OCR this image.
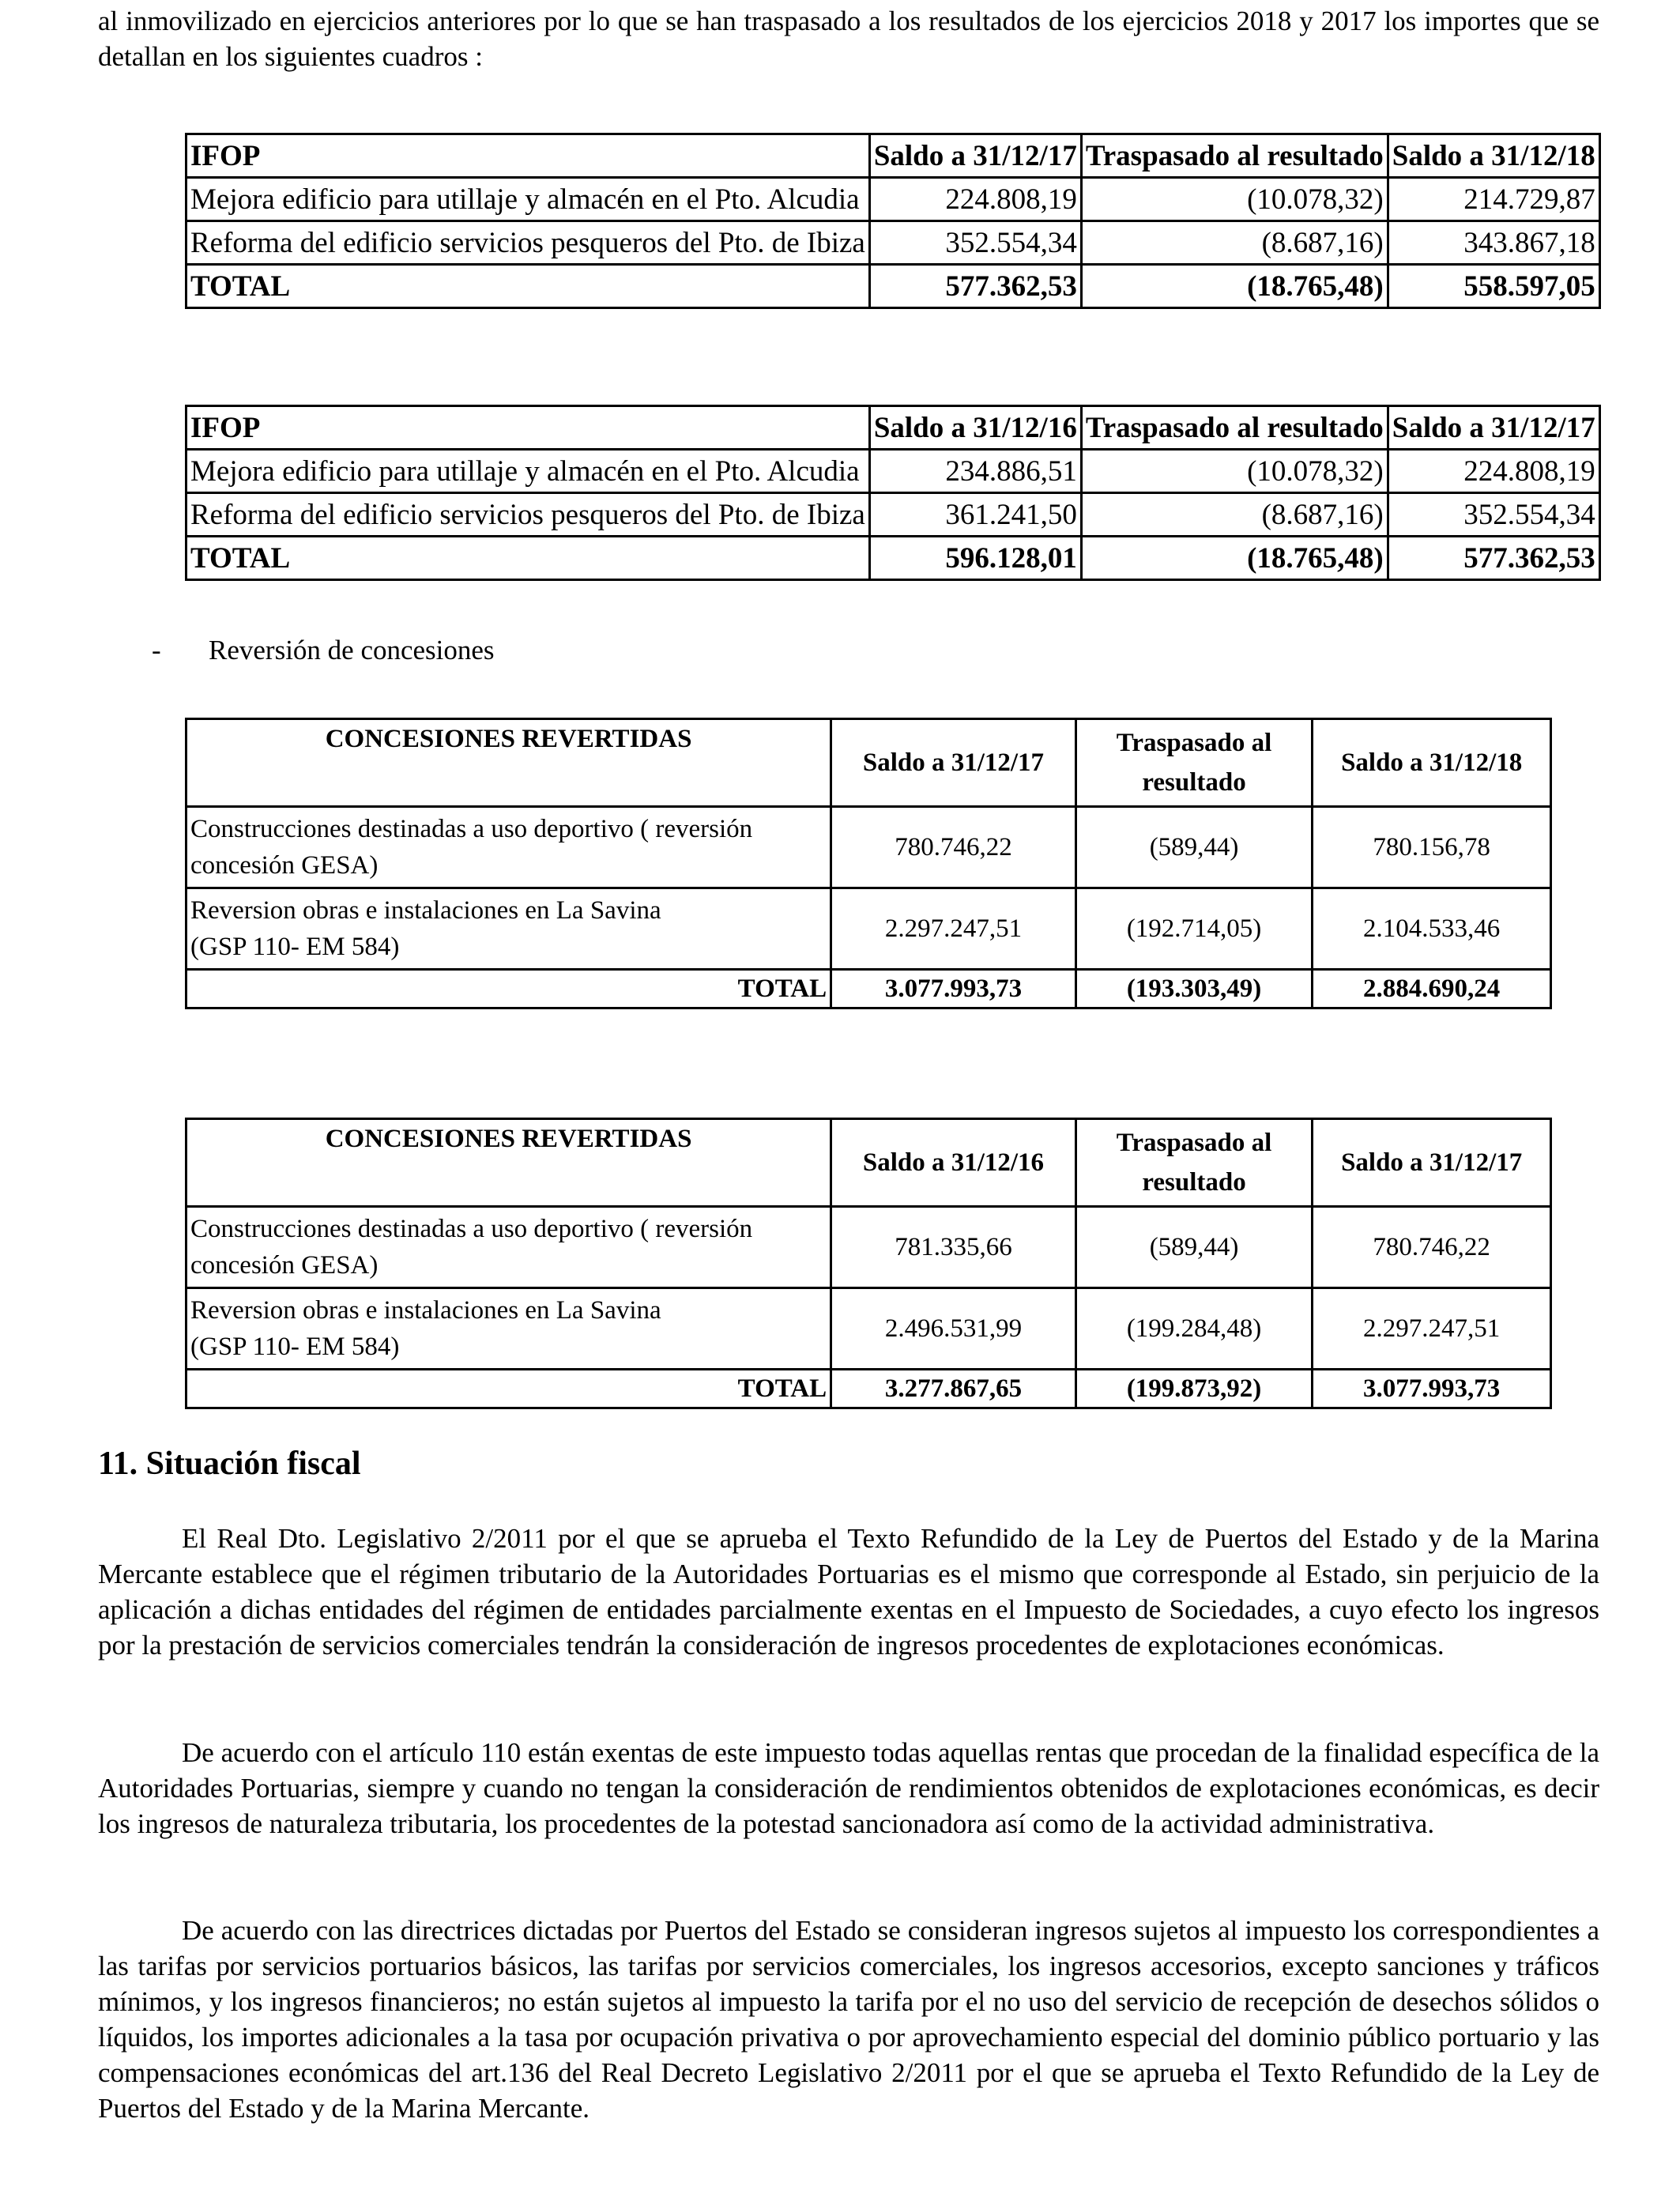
al inmovilizado en ejercicios anteriores por lo que se han traspasado a los resultados de los ejercicios 2018 y 2017 los importes que se detallan en los siguientes cuadros :

IFOP	Saldo a 31/12/17	Traspasado al resultado	Saldo a 31/12/18
Mejora edificio para utillaje y almacén en el Pto. Alcudia	224.808,19	(10.078,32)	214.729,87
Reforma del edificio servicios pesqueros del Pto. de Ibiza	352.554,34	(8.687,16)	343.867,18
TOTAL	577.362,53	(18.765,48)	558.597,05
IFOP	Saldo a 31/12/16	Traspasado al resultado	Saldo a 31/12/17
Mejora edificio para utillaje y almacén en el Pto. Alcudia	234.886,51	(10.078,32)	224.808,19
Reforma del edificio servicios pesqueros del Pto. de Ibiza	361.241,50	(8.687,16)	352.554,34
TOTAL	596.128,01	(18.765,48)	577.362,53
- Reversión de concesiones
CONCESIONES REVERTIDAS	Saldo a 31/12/17	Traspasado al resultado	Saldo a 31/12/18

Construcciones destinadas a uso deportivo ( reversión
concesión GESA)	780.746,22	(589,44)	780.156,78

Reversion obras e instalaciones en La Savina
(GSP 110- EM 584)	2.297.247,51	(192.714,05)	2.104.533,46
TOTAL	3.077.993,73	(193.303,49)	2.884.690,24
CONCESIONES REVERTIDAS	Saldo a 31/12/16	Traspasado al resultado	Saldo a 31/12/17

Construcciones destinadas a uso deportivo ( reversión
concesión GESA)	781.335,66	(589,44)	780.746,22

Reversion obras e instalaciones en La Savina
(GSP 110- EM 584)	2.496.531,99	(199.284,48)	2.297.247,51
TOTAL	3.277.867,65	(199.873,92)	3.077.993,73
11. Situación fiscal

El Real Dto. Legislativo 2/2011 por el que se aprueba el Texto Refundido de la Ley de Puertos del Estado y de la Marina Mercante establece que el régimen tributario de la Autoridades Portuarias es el mismo que corresponde al Estado, sin perjuicio de la aplicación a dichas entidades del régimen de entidades parcialmente exentas en el Impuesto de Sociedades, a cuyo efecto los ingresos por la prestación de servicios comerciales tendrán la consideración de ingresos procedentes de explotaciones económicas.

De acuerdo con el artículo 110 están exentas de este impuesto todas aquellas rentas que procedan de la finalidad específica de la Autoridades Portuarias, siempre y cuando no tengan la consideración de rendimientos obtenidos de explotaciones económicas, es decir los ingresos de naturaleza tributaria, los procedentes de la potestad sancionadora así como de la actividad administrativa.

De acuerdo con las directrices dictadas por Puertos del Estado se consideran ingresos sujetos al impuesto los correspondientes a las tarifas por servicios portuarios básicos, las tarifas por servicios comerciales, los ingresos accesorios, excepto sanciones y tráficos mínimos, y los ingresos financieros; no están sujetos al impuesto la tarifa por el no uso del servicio de recepción de desechos sólidos o líquidos, los importes adicionales a la tasa por ocupación privativa o por aprovechamiento especial del dominio público portuario y las compensaciones económicas del art.136 del Real Decreto Legislativo 2/2011 por el que se aprueba el Texto Refundido de la Ley de Puertos del Estado y de la Marina Mercante.
